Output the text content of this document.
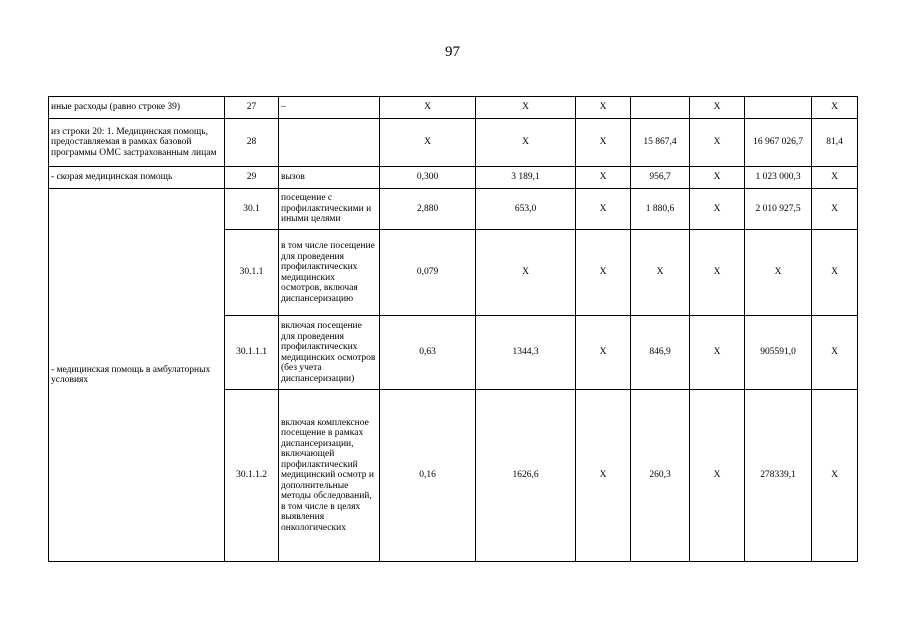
97
иные расходы (равно строке 39)	27	–	Х	Х	Х		Х		Х
из строки 20: 1. Медицинская помощь, предоставляемая в рамках базовой программы ОМС застрахованным лицам	28		Х	Х	Х	15 867,4	Х	16 967 026,7	81,4
- скорая медицинская помощь	29	вызов	0,300	3 189,1	Х	956,7	Х	1 023 000,3	Х
- медицинская помощь в амбулаторных условиях	30.1	посещение с профилактическими и иными целями	2,880	653,0	Х	1 880,6	Х	2 010 927,5	Х
	30.1.1	в том числе посещение для проведения профилактических медицинских осмотров, включая диспансеризацию	0,079	Х	Х	Х	Х	Х	Х
	30.1.1.1	включая посещение для проведения профилактических медицинских осмотров (без учета диспансеризации)	0,63	1344,3	Х	846,9	Х	905591,0	Х
	30.1.1.2	включая комплексное посещение в рамках диспансеризации, включающей профилактический медицинский осмотр и дополнительные методы обследований, в том числе в целях выявления онкологических	0,16	1626,6	Х	260,3	Х	278339,1	Х
